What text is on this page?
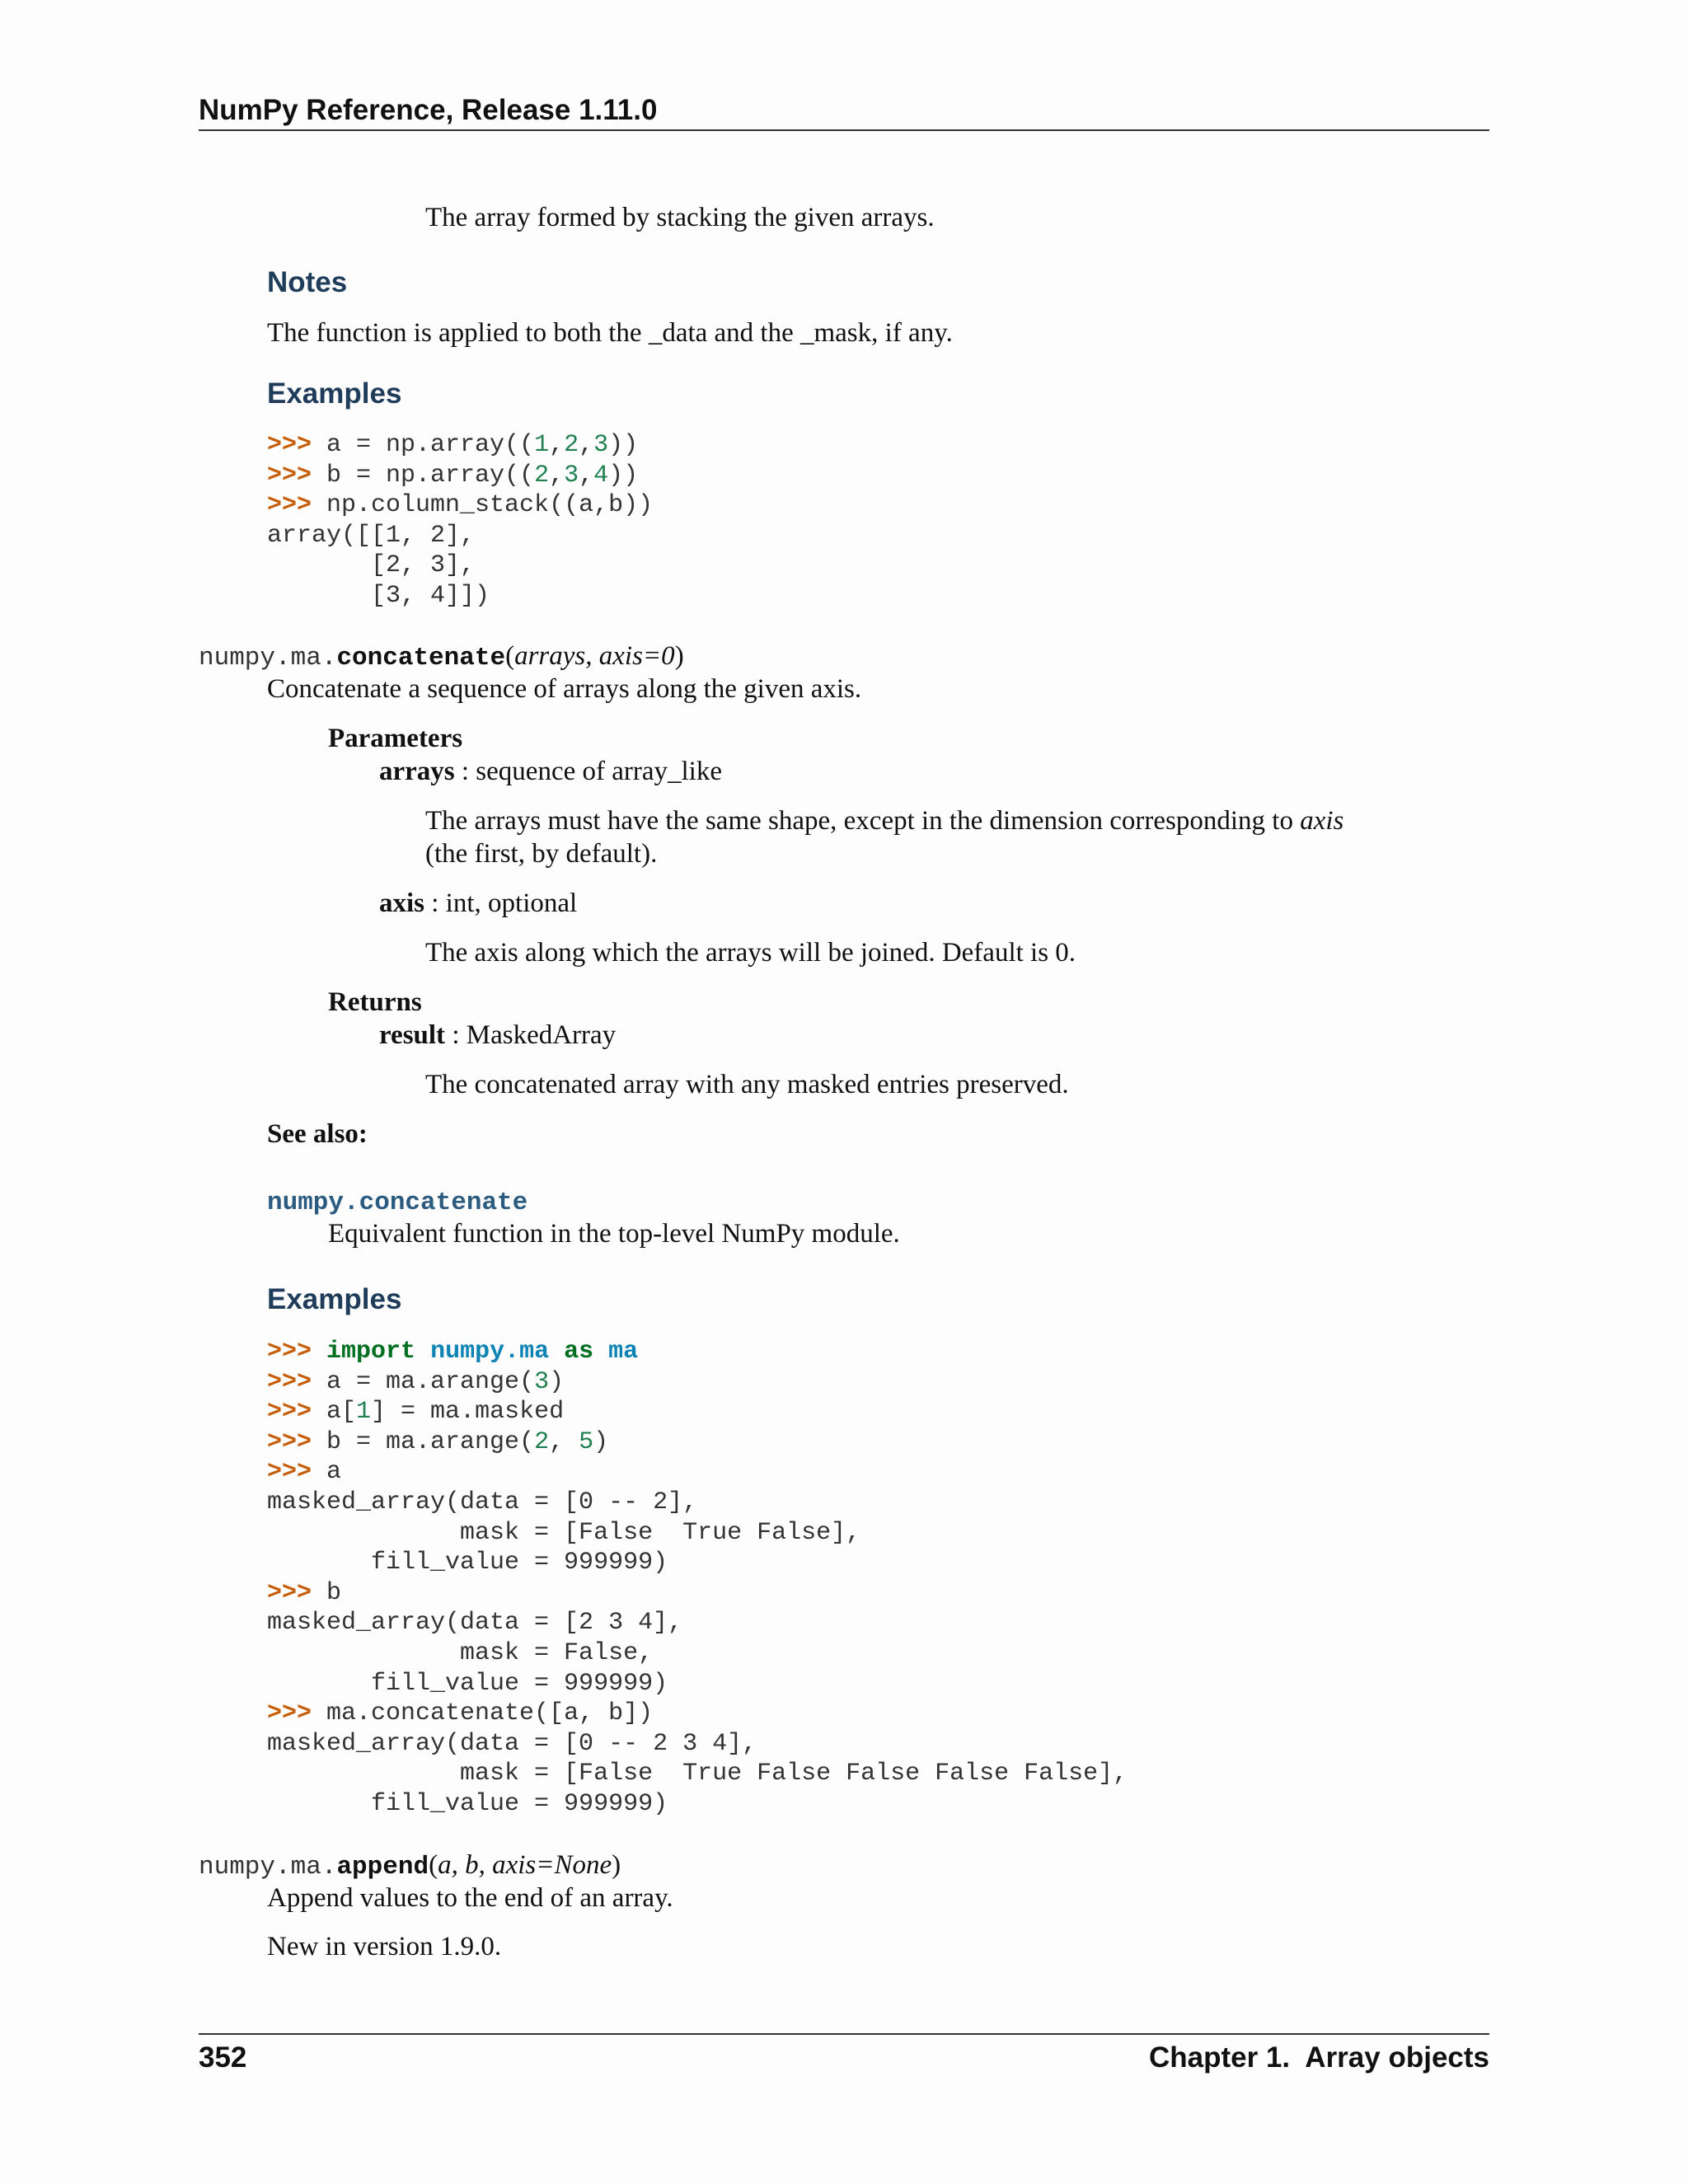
NumPy Reference, Release 1.11.0
The array formed by stacking the given arrays.
Notes
The function is applied to both the _data and the _mask, if any.
Examples
>>> a = np.array((1,2,3))
>>> b = np.array((2,3,4))
>>> np.column_stack((a,b))
array([[1, 2],
[2, 3],
[3, 4]])
numpy.ma.concatenate(arrays, axis=0)
Concatenate a sequence of arrays along the given axis.
Parameters
arrays : sequence of array_like
The arrays must have the same shape, except in the dimension corresponding to axis
(the first, by default).
axis : int, optional
The axis along which the arrays will be joined. Default is 0.
Returns
result : MaskedArray
The concatenated array with any masked entries preserved.
See also:
numpy.concatenate
Equivalent function in the top-level NumPy module.
Examples
>>> import numpy.ma as ma
>>> a = ma.arange(3)
>>> a[1] = ma.masked
>>> b = ma.arange(2, 5)
>>> a
masked_array(data = [0 -- 2],
mask = [False  True False],
fill_value = 999999)
>>> b
masked_array(data = [2 3 4],
mask = False,
fill_value = 999999)
>>> ma.concatenate([a, b])
masked_array(data = [0 -- 2 3 4],
mask = [False  True False False False False],
fill_value = 999999)
numpy.ma.append(a, b, axis=None)
Append values to the end of an array.
New in version 1.9.0.
352	Chapter 1.  Array objects
